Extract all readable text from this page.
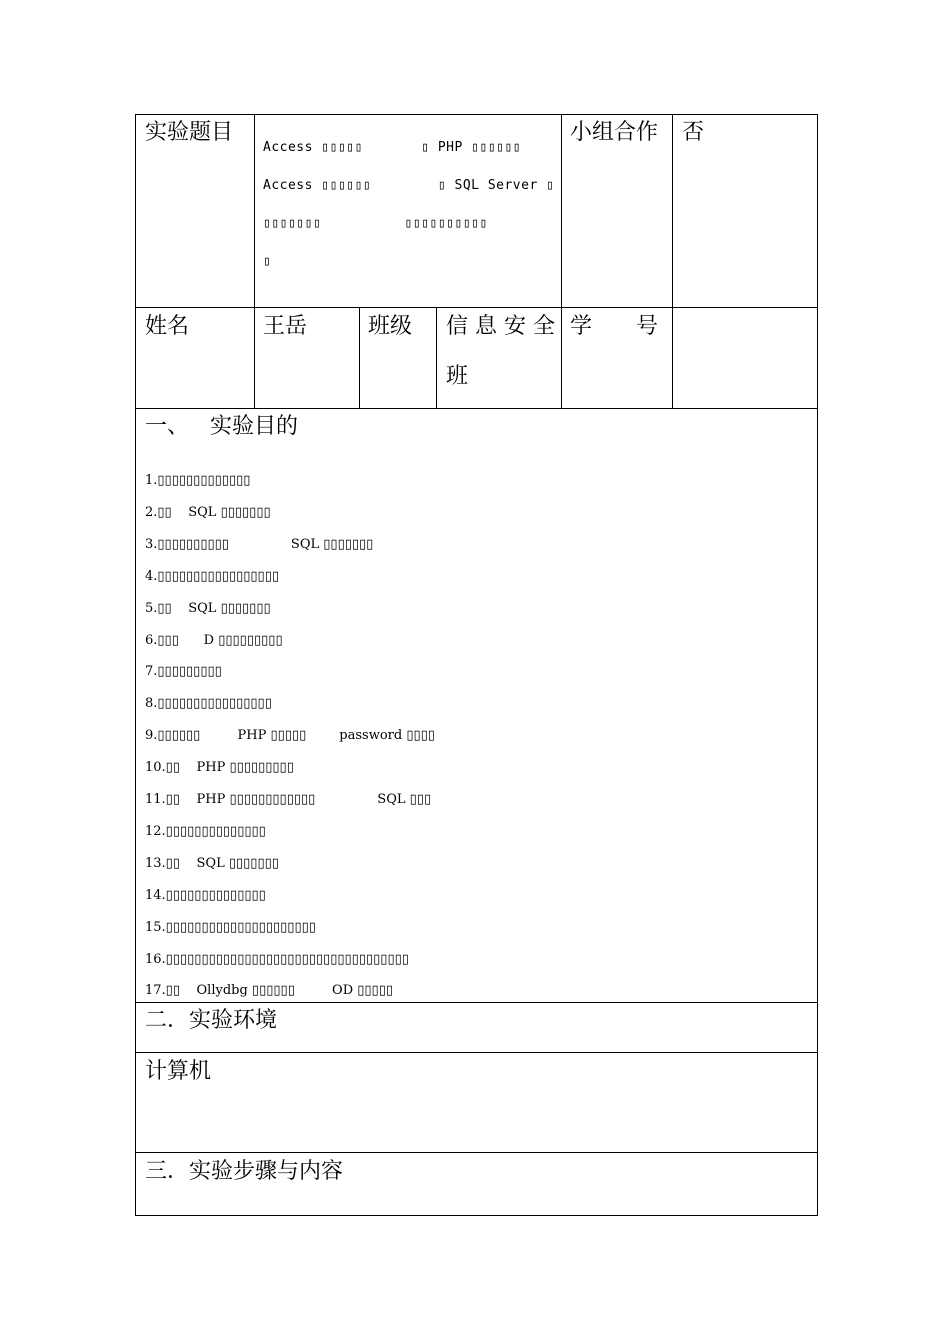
实验题目
Access ▯▯▯▯▯       ▯ PHP ▯▯▯▯▯▯
Access ▯▯▯▯▯▯        ▯ SQL Server ▯
▯▯▯▯▯▯▯          ▯▯▯▯▯▯▯▯▯▯
▯
小组合作 否
姓名	王岳	班级 信 息 安 全
班
学 号
一、   实验目的
1.▯▯▯▯▯▯▯▯▯▯▯▯▯
2.▯▯    SQL ▯▯▯▯▯▯▯
3.▯▯▯▯▯▯▯▯▯▯               SQL ▯▯▯▯▯▯▯
4.▯▯▯▯▯▯▯▯▯▯▯▯▯▯▯▯▯
5.▯▯    SQL ▯▯▯▯▯▯▯
6.▯▯▯      D ▯▯▯▯▯▯▯▯▯
7.▯▯▯▯▯▯▯▯▯
8.▯▯▯▯▯▯▯▯▯▯▯▯▯▯▯▯
9.▯▯▯▯▯▯         PHP ▯▯▯▯▯        password ▯▯▯▯
10.▯▯    PHP ▯▯▯▯▯▯▯▯▯
11.▯▯    PHP ▯▯▯▯▯▯▯▯▯▯▯▯               SQL ▯▯▯
12.▯▯▯▯▯▯▯▯▯▯▯▯▯▯
13.▯▯    SQL ▯▯▯▯▯▯▯
14.▯▯▯▯▯▯▯▯▯▯▯▯▯▯
15.▯▯▯▯▯▯▯▯▯▯▯▯▯▯▯▯▯▯▯▯▯
16.▯▯▯▯▯▯▯▯▯▯▯▯▯▯▯▯▯▯▯▯▯▯▯▯▯▯▯▯▯▯▯▯▯▯
17.▯▯    Ollydbg ▯▯▯▯▯▯         OD ▯▯▯▯▯
二．实验环境
计算机
三．实验步骤与内容
